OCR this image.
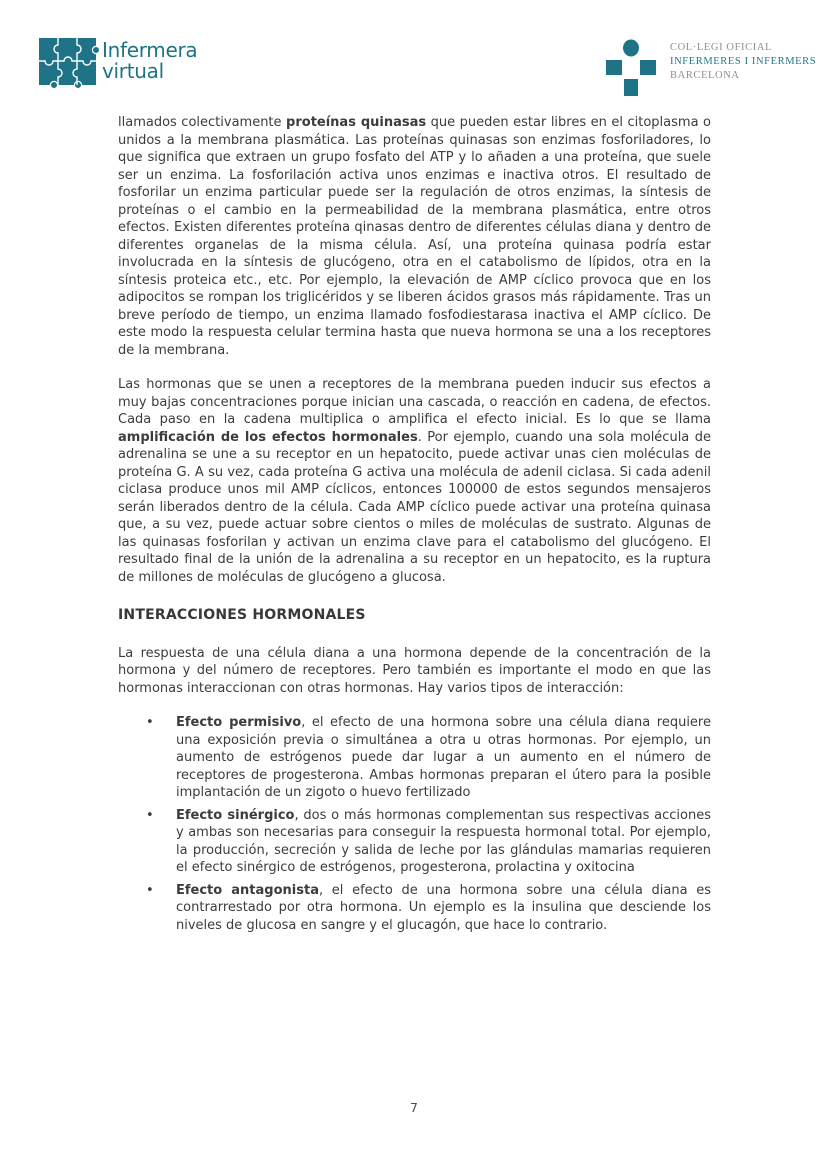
Infermera
virtual
COL·LEGI OFICIAL
INFERMERES I INFERMERS
BARCELONA

llamados colectivamente proteínas quinasas que pueden estar libres en el citoplasma o unidos a la membrana plasmática. Las proteínas quinasas son enzimas fosforiladores, lo que significa que extraen un grupo fosfato del ATP y lo añaden a una proteína, que suele ser un enzima. La fosforilación activa unos enzimas e inactiva otros. El resultado de fosforilar un enzima particular puede ser la regulación de otros enzimas, la síntesis de proteínas o el cambio en la permeabilidad de la membrana plasmática, entre otros efectos. Existen diferentes proteína qinasas dentro de diferentes células diana y dentro de diferentes organelas de la misma célula. Así, una proteína quinasa podría estar involucrada en la síntesis de glucógeno, otra en el catabolismo de lípidos, otra en la síntesis proteica etc., etc. Por ejemplo, la elevación de AMP cíclico provoca que en los adipocitos se rompan los triglicéridos y se liberen ácidos grasos más rápidamente. Tras un breve período de tiempo, un enzima llamado fosfodiestarasa inactiva el AMP cíclico. De este modo la respuesta celular termina hasta que nueva hormona se una a los receptores de la membrana.

Las hormonas que se unen a receptores de la membrana pueden inducir sus efectos a muy bajas concentraciones porque inician una cascada, o reacción en cadena, de efectos. Cada paso en la cadena multiplica o amplifica el efecto inicial. Es lo que se llama amplificación de los efectos hormonales. Por ejemplo, cuando una sola molécula de adrenalina se une a su receptor en un hepatocito, puede activar unas cien moléculas de proteína G. A su vez, cada proteína G activa una molécula de adenil ciclasa. Si cada adenil ciclasa produce unos mil AMP cíclicos, entonces 100000 de estos segundos mensajeros serán liberados dentro de la célula. Cada AMP cíclico puede activar una proteína quinasa que, a su vez, puede actuar sobre cientos o miles de moléculas de sustrato. Algunas de las quinasas fosforilan y activan un enzima clave para el catabolismo del glucógeno. El resultado final de la unión de la adrenalina a su receptor en un hepatocito, es la ruptura de millones de moléculas de glucógeno a glucosa.

INTERACCIONES HORMONALES

La respuesta de una célula diana a una hormona depende de la concentración de la hormona y del número de receptores. Pero también es importante el modo en que las hormonas interaccionan con otras hormonas. Hay varios tipos de interacción:

• Efecto permisivo, el efecto de una hormona sobre una célula diana requiere una exposición previa o simultánea a otra u otras hormonas. Por ejemplo, un aumento de estrógenos puede dar lugar a un aumento en el número de receptores de progesterona. Ambas hormonas preparan el útero para la posible implantación de un zigoto o huevo fertilizado
• Efecto sinérgico, dos o más hormonas complementan sus respectivas acciones y ambas son necesarias para conseguir la respuesta hormonal total. Por ejemplo, la producción, secreción y salida de leche por las glándulas mamarias requieren el efecto sinérgico de estrógenos, progesterona, prolactina y oxitocina
• Efecto antagonista, el efecto de una hormona sobre una célula diana es contrarrestado por otra hormona. Un ejemplo es la insulina que desciende los niveles de glucosa en sangre y el glucagón, que hace lo contrario.
7
